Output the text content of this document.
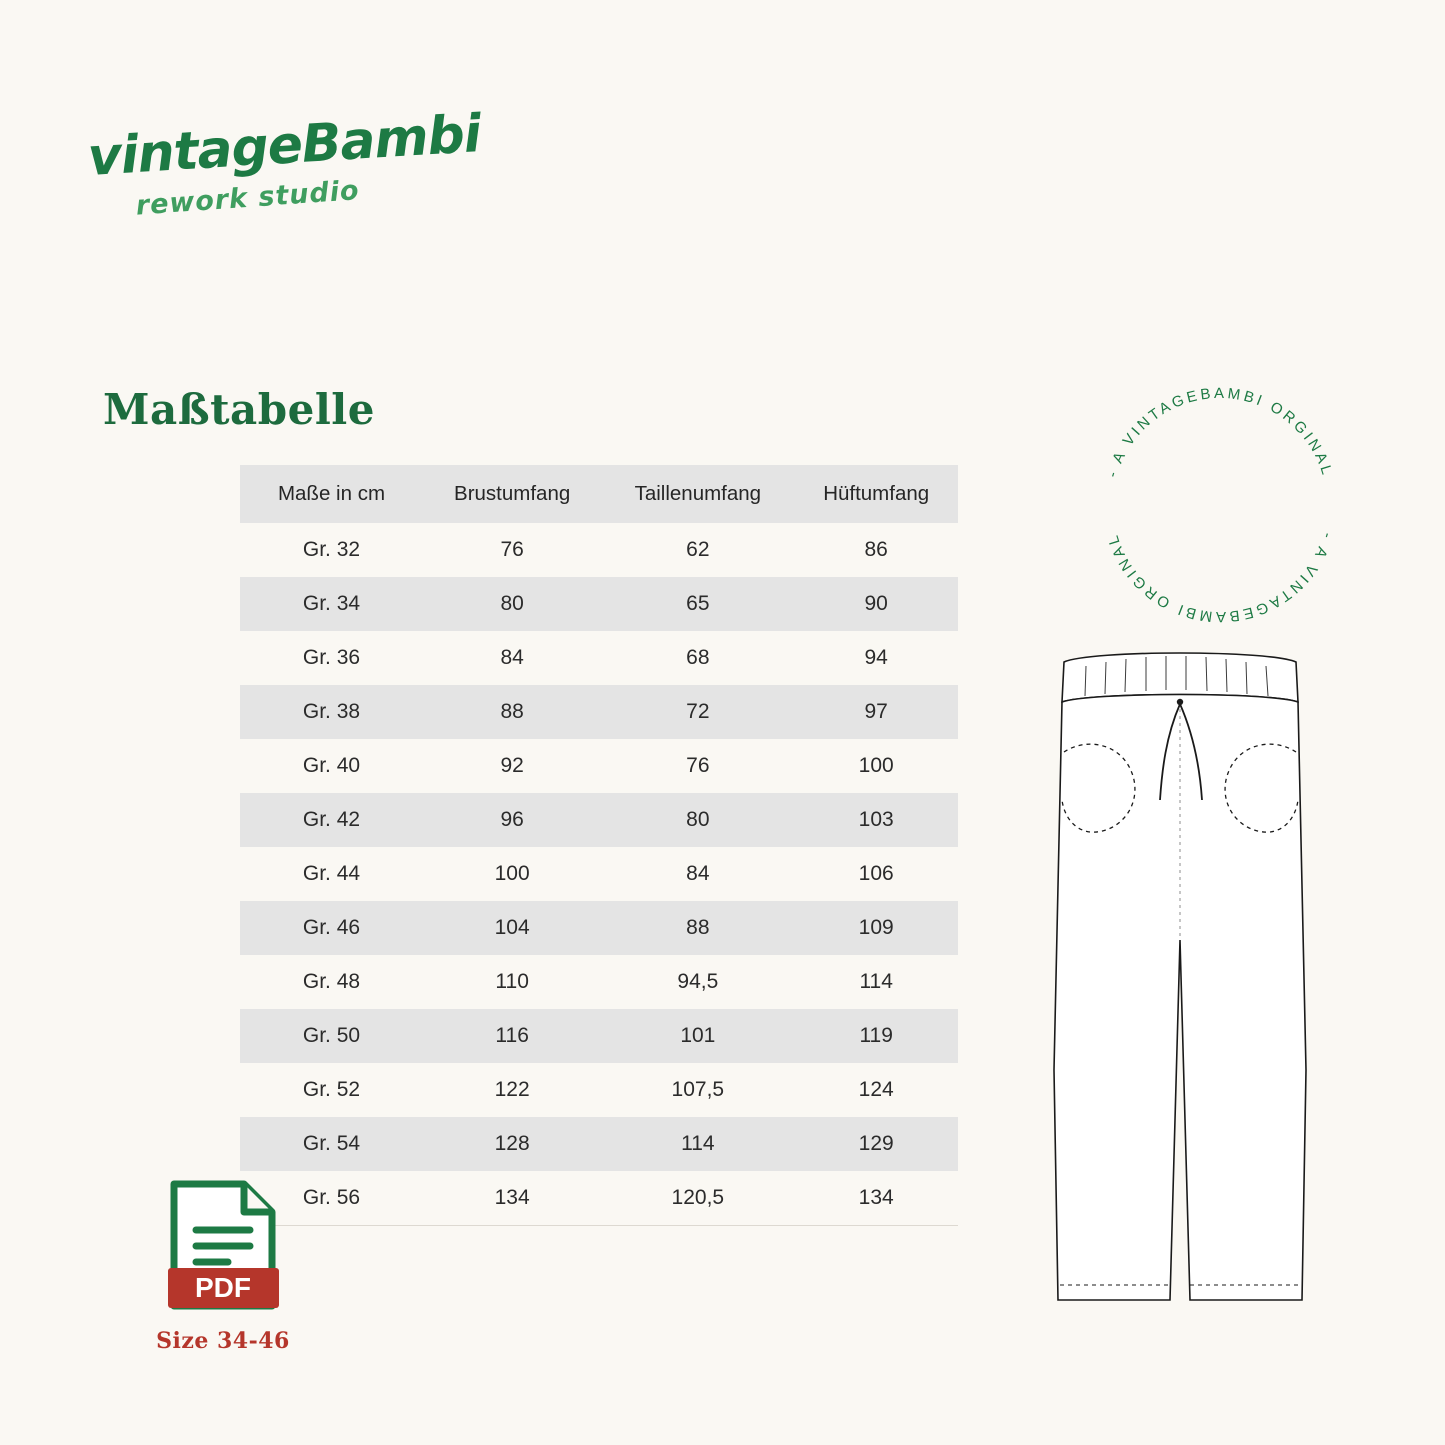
vintageBambi
rework studio
Maßtabelle
Maße in cm	Brustumfang	Taillenumfang	Hüftumfang
Gr. 32	76	62	86
Gr. 34	80	65	90
Gr. 36	84	68	94
Gr. 38	88	72	97
Gr. 40	92	76	100
Gr. 42	96	80	103
Gr. 44	100	84	106
Gr. 46	104	88	109
Gr. 48	110	94,5	114
Gr. 50	116	101	119
Gr. 52	122	107,5	124
Gr. 54	128	114	129
Gr. 56	134	120,5	134
- A VINTAGEBAMBI ORGINAL
- A VINTAGEBAMBI ORGINAL
PDF
Size 34-46
